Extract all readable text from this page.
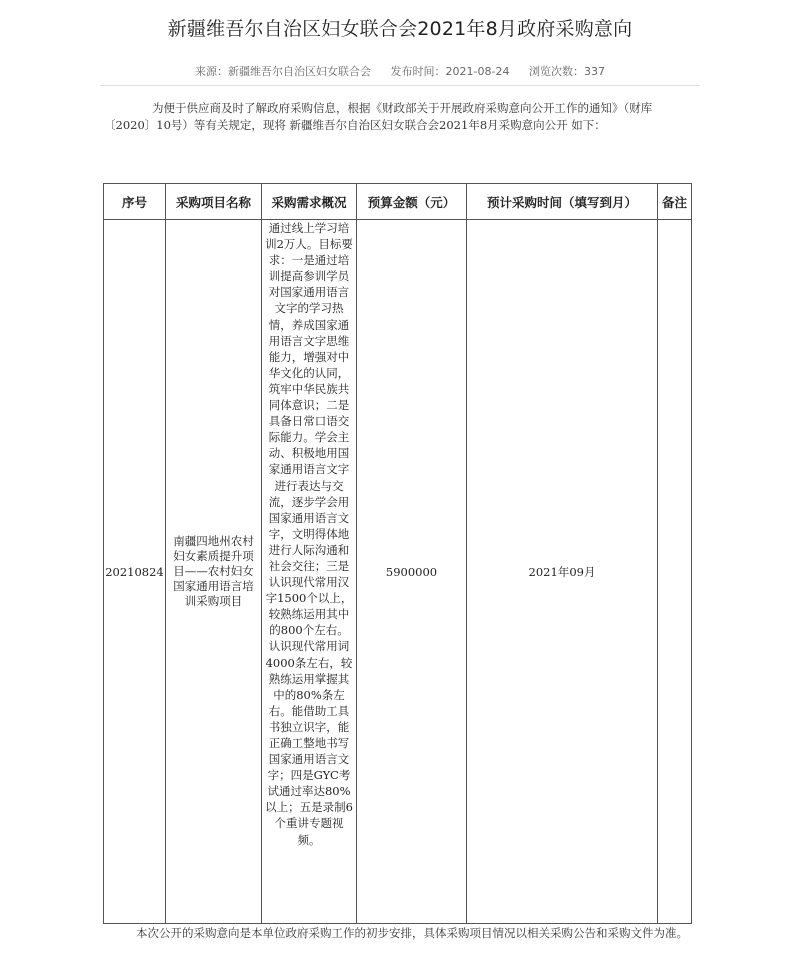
新疆维吾尔自治区妇女联合会2021年8月政府采购意向
来源：新疆维吾尔自治区妇女联合会 发布时间：2021-08-24 浏览次数：337
为便于供应商及时了解政府采购信息，根据《财政部关于开展政府采购意向公开工作的通知》（财库〔2020〕10号）等有关规定，现将 新疆维吾尔自治区妇女联合会2021年8月采购意向公开 如下：
序号	采购项目名称	采购需求概况	预算金额（元）	预计采购时间（填写到月）	备注
20210824	南疆四地州农村妇女素质提升项目——农村妇女国家通用语言培训采购项目	通过线上学习培训2万人。目标要求：一是通过培训提高参训学员对国家通用语言文字的学习热情，养成国家通用语言文字思维能力，增强对中华文化的认同，筑牢中华民族共同体意识；二是具备日常口语交际能力。学会主动、积极地用国家通用语言文字进行表达与交流，逐步学会用国家通用语言文字，文明得体地进行人际沟通和社会交往；三是认识现代常用汉字1500个以上，较熟练运用其中的800个左右。认识现代常用词4000条左右，较熟练运用掌握其中的80%条左右。能借助工具书独立识字，能正确工整地书写国家通用语言文字；四是GYC考试通过率达80%以上；五是录制6个重讲专题视频。	5900000	2021年09月	
本次公开的采购意向是本单位政府采购工作的初步安排，具体采购项目情况以相关采购公告和采购文件为准。
